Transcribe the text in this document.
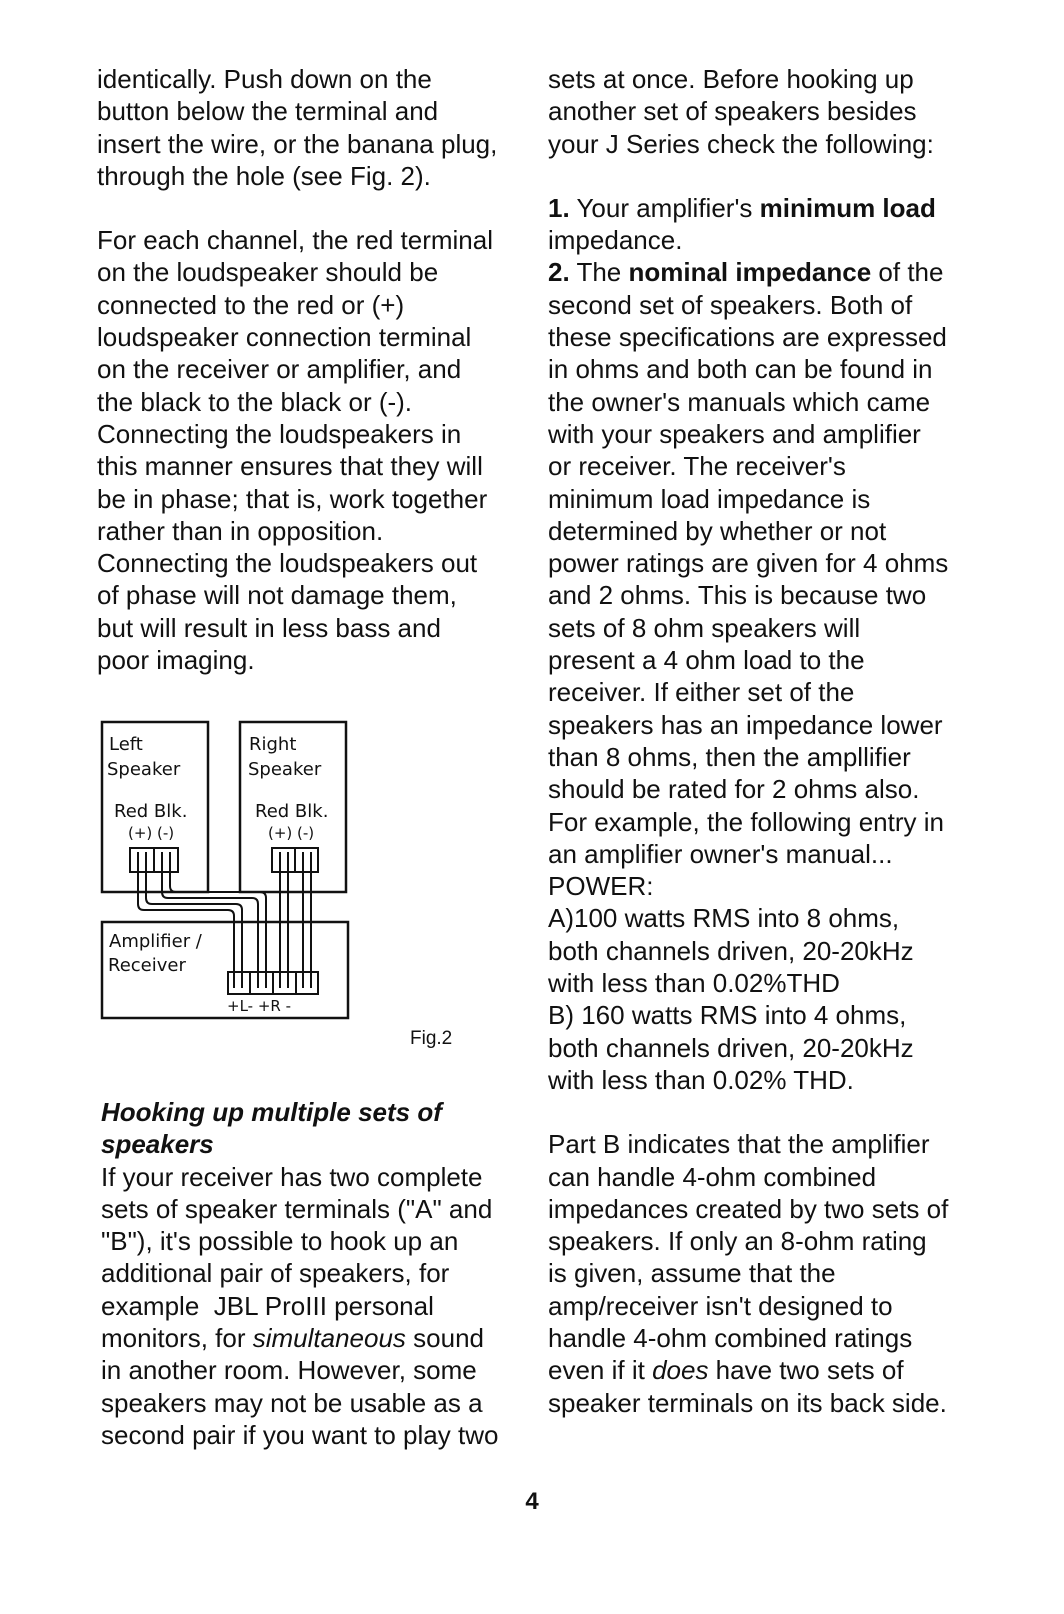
identically. Push down on the
button below the terminal and
insert the wire, or the banana plug,
through the hole (see Fig. 2).
For each channel, the red terminal
on the loudspeaker should be
connected to the red or (+)
loudspeaker connection terminal
on the receiver or amplifier, and
the black to the black or (-).
Connecting the loudspeakers in
this manner ensures that they will
be in phase; that is, work together
rather than in opposition.
Connecting the loudspeakers out
of phase will not damage them,
but will result in less bass and
poor imaging.
Left
Speaker
Red Blk.
(+) (-)
Right
Speaker
Red Blk.
(+) (-)
Amplifier /
Receiver
+L- +R -
Fig.2
Hooking up multiple sets of
speakers
If your receiver has two complete
sets of speaker terminals ("A" and
"B"), it's possible to hook up an
additional pair of speakers, for
example  JBL ProIII personal
monitors, for simultaneous sound
in another room. However, some
speakers may not be usable as a
second pair if you want to play two
sets at once. Before hooking up
another set of speakers besides
your J Series check the following:
1. Your amplifier's minimum load
impedance.
2. The nominal impedance of the
second set of speakers. Both of
these specifications are expressed
in ohms and both can be found in
the owner's manuals which came
with your speakers and amplifier
or receiver. The receiver's
minimum load impedance is
determined by whether or not
power ratings are given for 4 ohms
and 2 ohms. This is because two
sets of 8 ohm speakers will
present a 4 ohm load to the
receiver. If either set of the
speakers has an impedance lower
than 8 ohms, then the ampllifier
should be rated for 2 ohms also.
For example, the following entry in
an amplifier owner's manual...
POWER:
A)100 watts RMS into 8 ohms,
both channels driven, 20-20kHz
with less than 0.02%THD
B) 160 watts RMS into 4 ohms,
both channels driven, 20-20kHz
with less than 0.02% THD.
Part B indicates that the amplifier
can handle 4-ohm combined
impedances created by two sets of
speakers. If only an 8-ohm rating
is given, assume that the
amp/receiver isn't designed to
handle 4-ohm combined ratings
even if it does have two sets of
speaker terminals on its back side.
4
